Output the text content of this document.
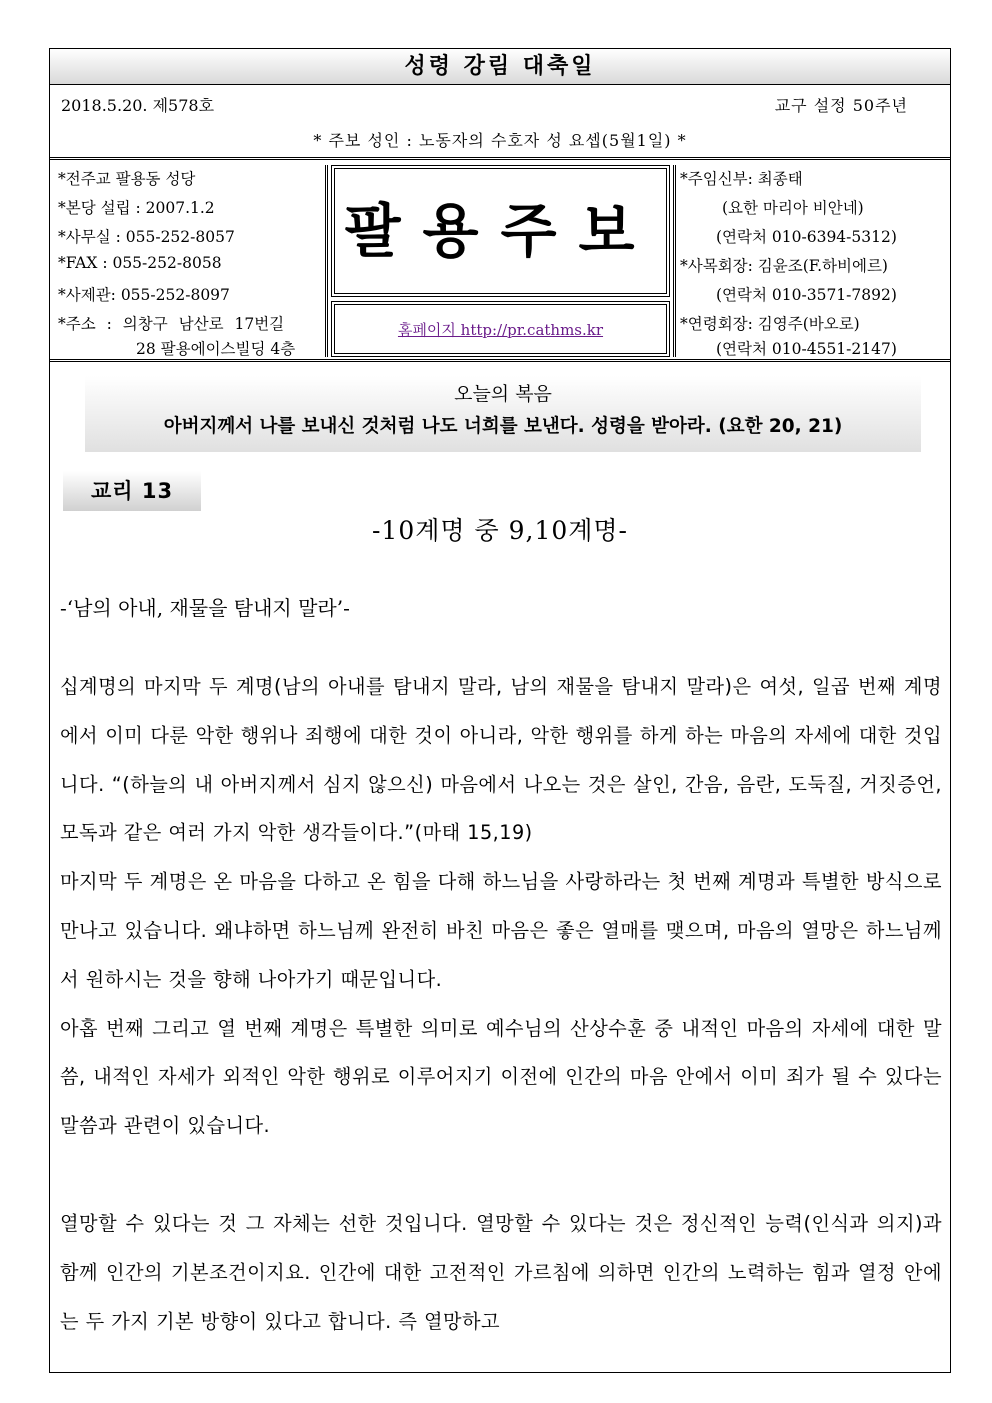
성령 강림 대축일
2018.5.20. 제578호	교구 설정 50주년
* 주보 성인 : 노동자의 수호자 성 요셉(5월1일) *
*전주교 팔용동 성당
*본당 설립 : 2007.1.2
*사무실 : 055-252-8057
*FAX : 055-252-8058
*사제관: 055-252-8097
*주소 : 의창구 남산로 17번길
28 팔용에이스빌딩 4층
팔용주보
홈페이지 http://pr.cathms.kr
*주임신부: 최종태
(요한 마리아 비안네)
(연락처 010-6394-5312)
*사목회장: 김윤조(F.하비에르)
(연락처 010-3571-7892)
*연령회장: 김영주(바오로)
(연락처 010-4551-2147)
오늘의 복음
아버지께서 나를 보내신 것처럼 나도 너희를 보낸다. 성령을 받아라. (요한 20, 21)
교리 13
-10계명 중 9,10계명-
-‘남의 아내, 재물을 탐내지 말라’-

십계명의 마지막 두 계명(남의 아내를 탐내지 말라, 남의 재물을 탐내지 말라)은 여섯, 일곱 번째 계명에서 이미 다룬 악한 행위나 죄행에 대한 것이 아니라, 악한 행위를 하게 하는 마음의 자세에 대한 것입니다. “(하늘의 내 아버지께서 심지 않으신) 마음에서 나오는 것은 살인, 간음, 음란, 도둑질, 거짓증언, 모독과 같은 여러 가지 악한 생각들이다.”(마태 15,19)

마지막 두 계명은 온 마음을 다하고 온 힘을 다해 하느님을 사랑하라는 첫 번째 계명과 특별한 방식으로 만나고 있습니다. 왜냐하면 하느님께 완전히 바친 마음은 좋은 열매를 맺으며, 마음의 열망은 하느님께서 원하시는 것을 향해 나아가기 때문입니다.

아홉 번째 그리고 열 번째 계명은 특별한 의미로 예수님의 산상수훈 중 내적인 마음의 자세에 대한 말씀, 내적인 자세가 외적인 악한 행위로 이루어지기 이전에 인간의 마음 안에서 이미 죄가 될 수 있다는 말씀과 관련이 있습니다.

열망할 수 있다는 것 그 자체는 선한 것입니다. 열망할 수 있다는 것은 정신적인 능력(인식과 의지)과 함께 인간의 기본조건이지요. 인간에 대한 고전적인 가르침에 의하면 인간의 노력하는 힘과 열정 안에는 두 가지 기본 방향이 있다고 합니다. 즉 열망하고
